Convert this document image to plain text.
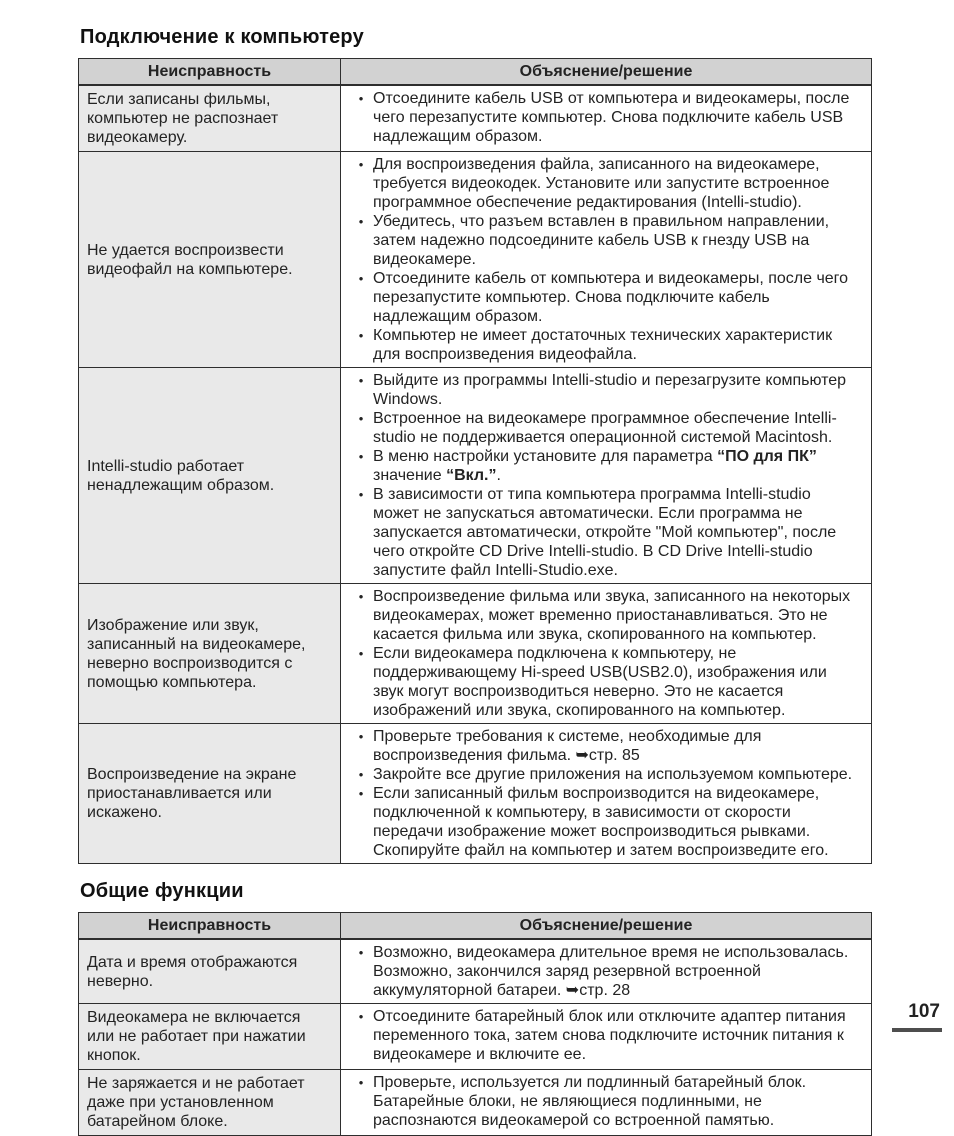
Подключение к компьютеру
Неисправность	Объяснение/решение
Если записаны фильмы, компьютер не распознает видеокамеру.
• Отсоедините кабель USB от компьютера и видеокамеры, после чего перезапустите компьютер. Снова подключите кабель USB надлежащим образом.
Не удается воспроизвести видеофайл на компьютере.
• Для воспроизведения файла, записанного на видеокамере, требуется видеокодек. Установите или запустите встроенное программное обеспечение редактирования (Intelli-studio).
• Убедитесь, что разъем вставлен в правильном направлении, затем надежно подсоедините кабель USB к гнезду USB на видеокамере.
• Отсоедините кабель от компьютера и видеокамеры, после чего перезапустите компьютер. Снова подключите кабель надлежащим образом.
• Компьютер не имеет достаточных технических характеристик для воспроизведения видеофайла.
Intelli-studio работает ненадлежащим образом.
• Выйдите из программы Intelli-studio и перезагрузите компьютер Windows.
• Встроенное на видеокамере программное обеспечение Intelli-studio не поддерживается операционной системой Macintosh.
• В меню настройки установите для параметра “ПО для ПК” значение “Вкл.”.
• В зависимости от типа компьютера программа Intelli-studio может не запускаться автоматически. Если программа не запускается автоматически, откройте "Мой компьютер", после чего откройте CD Drive Intelli-studio. В CD Drive Intelli-studio запустите файл Intelli-Studio.exe.
Изображение или звук, записанный на видеокамере, неверно воспроизводится с помощью компьютера.
• Воспроизведение фильма или звука, записанного на некоторых видеокамерах, может временно приостанавливаться. Это не касается фильма или звука, скопированного на компьютер.
• Если видеокамера подключена к компьютеру, не поддерживающему Hi-speed USB(USB2.0), изображения или звук могут воспроизводиться неверно. Это не касается изображений или звука, скопированного на компьютер.
Воспроизведение на экране приостанавливается или искажено.
• Проверьте требования к системе, необходимые для воспроизведения фильма. ➥стр. 85
• Закройте все другие приложения на используемом компьютере.
• Если записанный фильм воспроизводится на видеокамере, подключенной к компьютеру, в зависимости от скорости передачи изображение может воспроизводиться рывками. Скопируйте файл на компьютер и затем воспроизведите его.
Общие функции
Неисправность	Объяснение/решение
Дата и время отображаются неверно.
• Возможно, видеокамера длительное время не использовалась. Возможно, закончился заряд резервной встроенной аккумуляторной батареи. ➥стр. 28
Видеокамера не включается или не работает при нажатии кнопок.
• Отсоедините батарейный блок или отключите адаптер питания переменного тока, затем снова подключите источник питания к видеокамере и включите ее.
Не заряжается и не работает даже при установленном батарейном блоке.
• Проверьте, используется ли подлинный батарейный блок. Батарейные блоки, не являющиеся подлинными, не распознаются видеокамерой со встроенной памятью.
107
